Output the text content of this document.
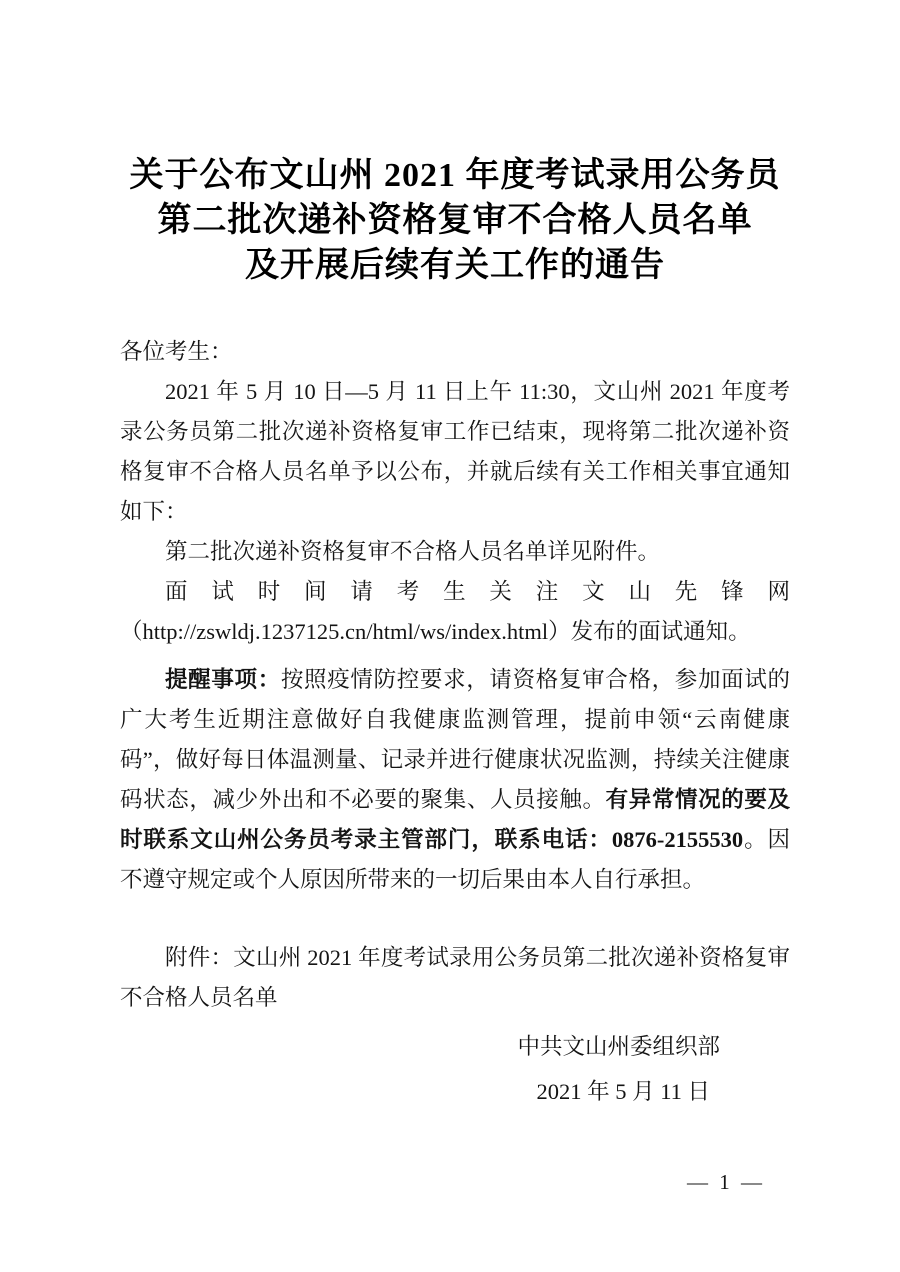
关于公布文山州 2021 年度考试录用公务员
第二批次递补资格复审不合格人员名单
及开展后续有关工作的通告

各位考生：

2021 年 5 月 10 日—5 月 11 日上午 11:30，文山州 2021 年度考录公务员第二批次递补资格复审工作已结束，现将第二批次递补资格复审不合格人员名单予以公布，并就后续有关工作相关事宜通知如下：

第二批次递补资格复审不合格人员名单详见附件。

面试时间请考生关注文山先锋网（http://zswldj.1237125.cn/html/ws/index.html）发布的面试通知。

提醒事项：按照疫情防控要求，请资格复审合格，参加面试的广大考生近期注意做好自我健康监测管理，提前申领“云南健康码”，做好每日体温测量、记录并进行健康状况监测，持续关注健康码状态，减少外出和不必要的聚集、人员接触。有异常情况的要及时联系文山州公务员考录主管部门，联系电话：0876-2155530。因不遵守规定或个人原因所带来的一切后果由本人自行承担。

附件：文山州 2021 年度考试录用公务员第二批次递补资格复审不合格人员名单

中共文山州委组织部
2021 年 5 月 11 日
— 1 —
